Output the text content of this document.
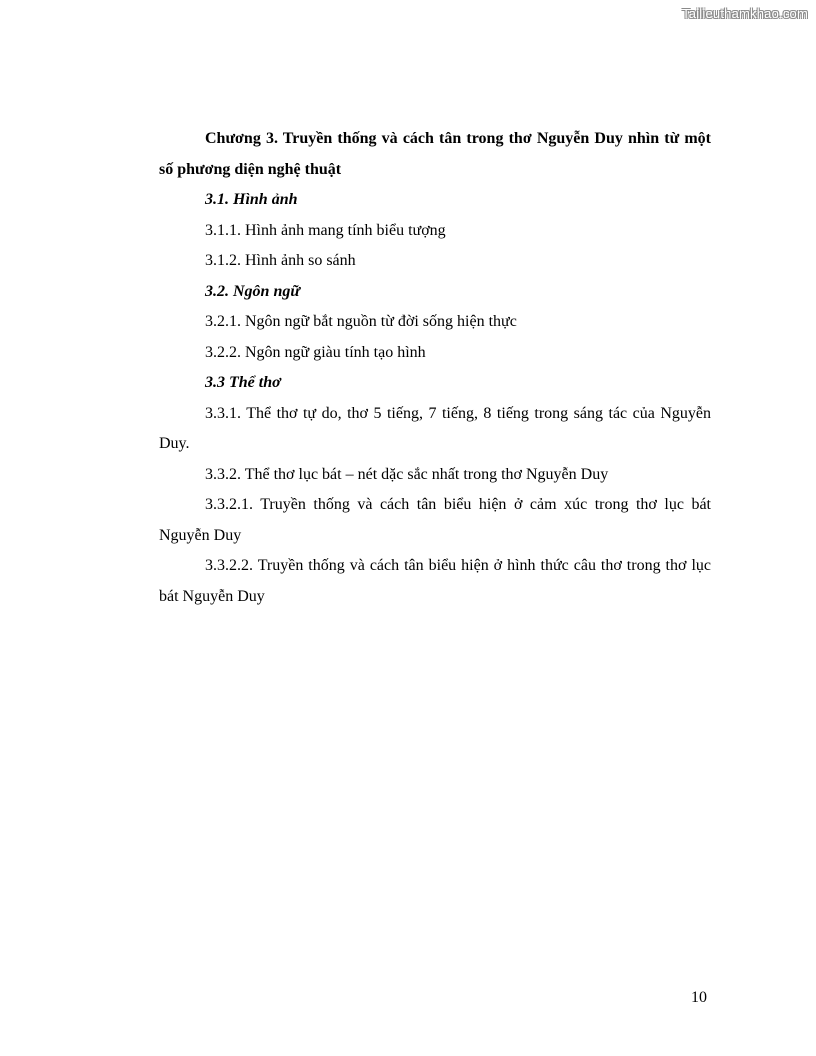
Tailieuthamkhao.com

Chương 3. Truyền thống và cách tân trong thơ Nguyễn Duy nhìn từ một số phương diện nghệ thuật

3.1. Hình ảnh

3.1.1. Hình ảnh mang tính biểu tượng

3.1.2. Hình ảnh so sánh

3.2. Ngôn ngữ

3.2.1. Ngôn ngữ bắt nguồn từ đời sống hiện thực

3.2.2. Ngôn ngữ giàu tính tạo hình

3.3 Thể thơ

3.3.1. Thể thơ tự do, thơ 5 tiếng, 7 tiếng, 8 tiếng trong sáng tác của Nguyễn Duy.

3.3.2. Thể thơ lục bát – nét dặc sắc nhất trong thơ Nguyễn Duy

3.3.2.1. Truyền thống và cách tân biểu hiện ở cảm xúc trong thơ lục bát Nguyễn Duy

3.3.2.2. Truyền thống và cách tân biểu hiện ở hình thức câu thơ trong thơ lục bát Nguyễn Duy

10
